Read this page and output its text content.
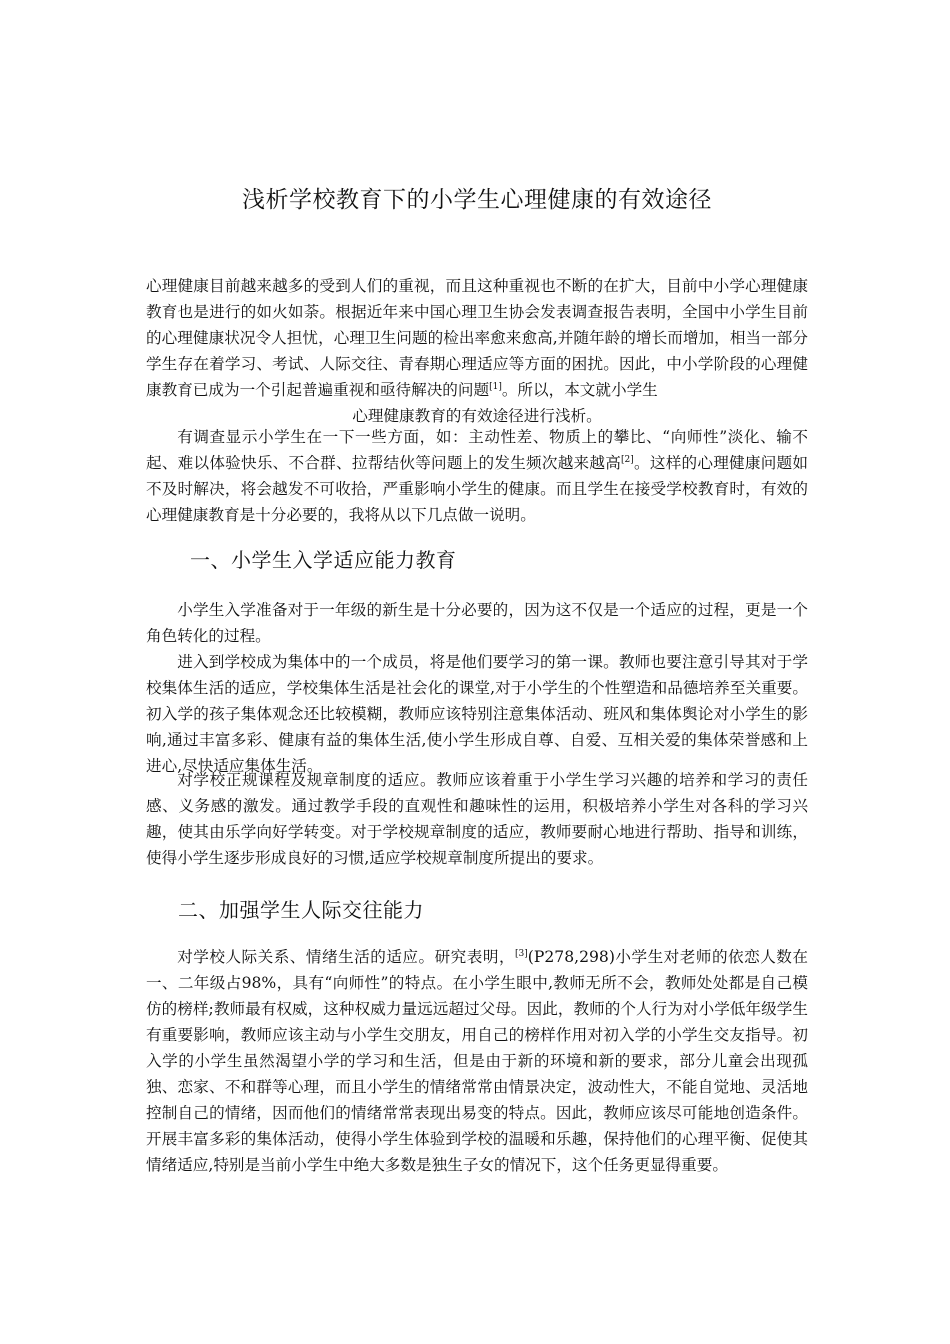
浅析学校教育下的小学生心理健康的有效途径

心理健康目前越来越多的受到人们的重视，而且这种重视也不断的在扩大，目前中小学心理健康教育也是进行的如火如荼。根据近年来中国心理卫生协会发表调查报告表明，全国中小学生目前的心理健康状况令人担忧，心理卫生问题的检出率愈来愈高,并随年龄的增长而增加，相当一部分学生存在着学习、考试、人际交往、青春期心理适应等方面的困扰。因此，中小学阶段的心理健康教育已成为一个引起普遍重视和亟待解决的问题[1]。所以，本文就小学生
心理健康教育的有效途径进行浅析。

有调查显示小学生在一下一些方面，如：主动性差、物质上的攀比、“向师性”淡化、输不起、难以体验快乐、不合群、拉帮结伙等问题上的发生频次越来越高[2]。这样的心理健康问题如不及时解决，将会越发不可收拾，严重影响小学生的健康。而且学生在接受学校教育时，有效的心理健康教育是十分必要的，我将从以下几点做一说明。

一、小学生入学适应能力教育

小学生入学准备对于一年级的新生是十分必要的，因为这不仅是一个适应的过程，更是一个角色转化的过程。

进入到学校成为集体中的一个成员，将是他们要学习的第一课。教师也要注意引导其对于学校集体生活的适应，学校集体生活是社会化的课堂,对于小学生的个性塑造和品德培养至关重要。初入学的孩子集体观念还比较模糊，教师应该特别注意集体活动、班风和集体舆论对小学生的影响,通过丰富多彩、健康有益的集体生活,使小学生形成自尊、自爱、互相关爱的集体荣誉感和上进心,尽快适应集体生活。

对学校正规课程及规章制度的适应。教师应该着重于小学生学习兴趣的培养和学习的责任感、义务感的激发。通过教学手段的直观性和趣味性的运用，积极培养小学生对各科的学习兴趣，使其由乐学向好学转变。对于学校规章制度的适应，教师要耐心地进行帮助、指导和训练，使得小学生逐步形成良好的习惯,适应学校规章制度所提出的要求。

二、加强学生人际交往能力

对学校人际关系、情绪生活的适应。研究表明，[3](P278,298)小学生对老师的依恋人数在一、二年级占98%，具有“向师性”的特点。在小学生眼中,教师无所不会，教师处处都是自己模仿的榜样;教师最有权威，这种权威力量远远超过父母。因此，教师的个人行为对小学低年级学生有重要影响，教师应该主动与小学生交朋友，用自己的榜样作用对初入学的小学生交友指导。初入学的小学生虽然渴望小学的学习和生活，但是由于新的环境和新的要求，部分儿童会出现孤独、恋家、不和群等心理，而且小学生的情绪常常由情景决定，波动性大，不能自觉地、灵活地控制自己的情绪，因而他们的情绪常常表现出易变的特点。因此，教师应该尽可能地创造条件。开展丰富多彩的集体活动，使得小学生体验到学校的温暖和乐趣，保持他们的心理平衡、促使其情绪适应,特别是当前小学生中绝大多数是独生子女的情况下，这个任务更显得重要。
